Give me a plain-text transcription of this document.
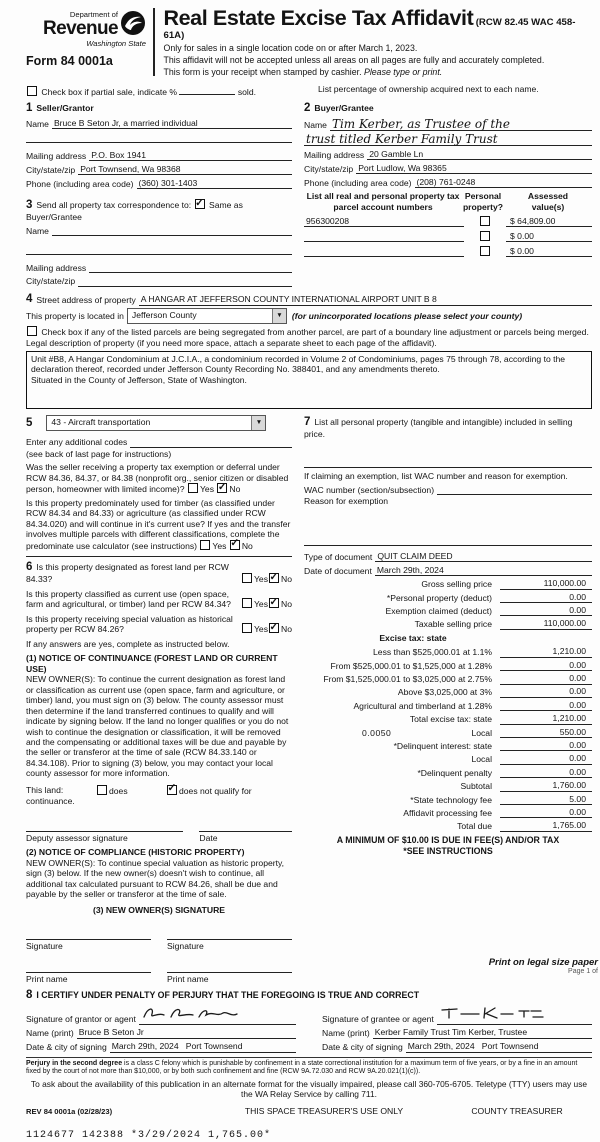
Department of
Revenue
Washington State
Form 84 0001a
Real Estate Excise Tax Affidavit (RCW 82.45 WAC 458-61A)
Only for sales in a single location code on or after March 1, 2023.
This affidavit will not be accepted unless all areas on all pages are fully and accurately completed.
This form is your receipt when stamped by cashier. Please type or print.
Check box if partial sale, indicate %	sold.	List percentage of ownership acquired next to each name.
1 Seller/Grantor
Name Bruce B Seton Jr, a married individual
Mailing address P.O. Box 1941
City/state/zip Port Townsend, Wa 98368
Phone (including area code) (360) 301-1403
3 Send all property tax correspondence to: ✓ Same as Buyer/Grantee
Name
Mailing address
City/state/zip
2 Buyer/Grantee
Name Tim Kerber, as Trustee of the
trust titled Kerber Family Trust
Mailing address 20 Gamble Ln
City/state/zip Port Ludlow, Wa 98365
Phone (including area code) (208) 761-0248
List all real and personal property tax parcel account numbers
Personal
property?
Assessed
value(s)
956300208	$ 64,809.00
$ 0.00
$ 0.00
4 Street address of property A HANGAR AT JEFFERSON COUNTY INTERNATIONAL AIRPORT UNIT B 8
This property is located in Jefferson County	▼	(for unincorporated locations please select your county)
Check box if any of the listed parcels are being segregated from another parcel, are part of a boundary line adjustment or parcels being merged.
Legal description of property (if you need more space, attach a separate sheet to each page of the affidavit).
Unit #B8, A Hangar Condominium at J.C.I.A., a condominium recorded in Volume 2 of Condominiums, pages 75 through 78, according to the
declaration thereof, recorded under Jefferson County Recording No. 388401, and any amendments thereto.
Situated in the County of Jefferson, State of Washington.
5	43 - Aircraft transportation	▼
Enter any additional codes
(see back of last page for instructions)
Was the seller receiving a property tax exemption or deferral under RCW 84.36, 84.37, or 84.38 (nonprofit org., senior citizen or disabled person, homeowner with limited income)? Yes ✓ No
Is this property predominately used for timber (as classified under RCW 84.34 and 84.33) or agriculture (as classified under RCW 84.34.020) and will continue in it's current use? If yes and the transfer involves multiple parcels with different classifications, complete the predominate use calculator (see instructions) Yes ✓ No
6 Is this property designated as forest land per RCW 84.33?	Yes ✓ No
Is this property classified as current use (open space, farm and agricultural, or timber) land per RCW 84.34?	Yes ✓ No
Is this property receiving special valuation as historical property per RCW 84.26?	Yes ✓ No
If any answers are yes, complete as instructed below.
(1) NOTICE OF CONTINUANCE (FOREST LAND OR CURRENT USE)
NEW OWNER(S): To continue the current designation as forest land or classification as current use (open space, farm and agriculture, or timber) land, you must sign on (3) below. The county assessor must then determine if the land transferred continues to qualify and will indicate by signing below. If the land no longer qualifies or you do not wish to continue the designation or classification, it will be removed and the compensating or additional taxes will be due and payable by the seller or transferor at the time of sale (RCW 84.33.140 or 84.34.108). Prior to signing (3) below, you may contact your local county assessor for more information.
This land:	does ✓	does not qualify for
continuance.
Deputy assessor signature	Date
(2) NOTICE OF COMPLIANCE (HISTORIC PROPERTY)
NEW OWNER(S): To continue special valuation as historic property, sign (3) below. If the new owner(s) doesn't wish to continue, all additional tax calculated pursuant to RCW 84.26, shall be due and payable by the seller or transferor at the time of sale.
(3) NEW OWNER(S) SIGNATURE
Signature	Signature
Print name	Print name
7 List all personal property (tangible and intangible) included in selling price.
If claiming an exemption, list WAC number and reason for exemption.
WAC number (section/subsection)
Reason for exemption
Type of document QUIT CLAIM DEED
Date of document March 29th, 2024
Gross selling price	110,000.00
*Personal property (deduct)	0.00
Exemption claimed (deduct)	0.00
Taxable selling price	110,000.00
Excise tax: state
Less than $525,000.01 at 1.1%	1,210.00
From $525,000.01 to $1,525,000 at 1.28%	0.00
From $1,525,000.01 to $3,025,000 at 2.75%	0.00
Above $3,025,000 at 3%	0.00
Agricultural and timberland at 1.28%	0.00
Total excise tax: state	1,210.00
0.0050	Local	550.00
*Delinquent interest: state	0.00
Local	0.00
*Delinquent penalty	0.00
Subtotal	1,760.00
*State technology fee	5.00
Affidavit processing fee	0.00
Total due	1,765.00
A MINIMUM OF $10.00 IS DUE IN FEE(S) AND/OR TAX
*SEE INSTRUCTIONS
8 I CERTIFY UNDER PENALTY OF PERJURY THAT THE FOREGOING IS TRUE AND CORRECT
Signature of grantor or agent
Name (print) Bruce B Seton Jr
Date & city of signing March 29th, 2024 Port Townsend
Signature of grantee or agent
Name (print) Kerber Family Trust Tim Kerber, Trustee
Date & city of signing March 29th, 2024 Port Townsend
Perjury in the second degree is a class C felony which is punishable by confinement in a state correctional institution for a maximum term of five years, or by a fine in an amount fixed by the court of not more than $10,000, or by both such confinement and fine (RCW 9A.72.030 and RCW 9A.20.021(1)(c)).
To ask about the availability of this publication in an alternate format for the visually impaired, please call 360-705-6705. Teletype (TTY) users may use the WA Relay Service by calling 711.
REV 84 0001a (02/28/23)	THIS SPACE TREASURER'S USE ONLY	COUNTY TREASURER
1124677 142388 *3/29/2024 1,765.00*
Print on legal size paper
Page 1 of
